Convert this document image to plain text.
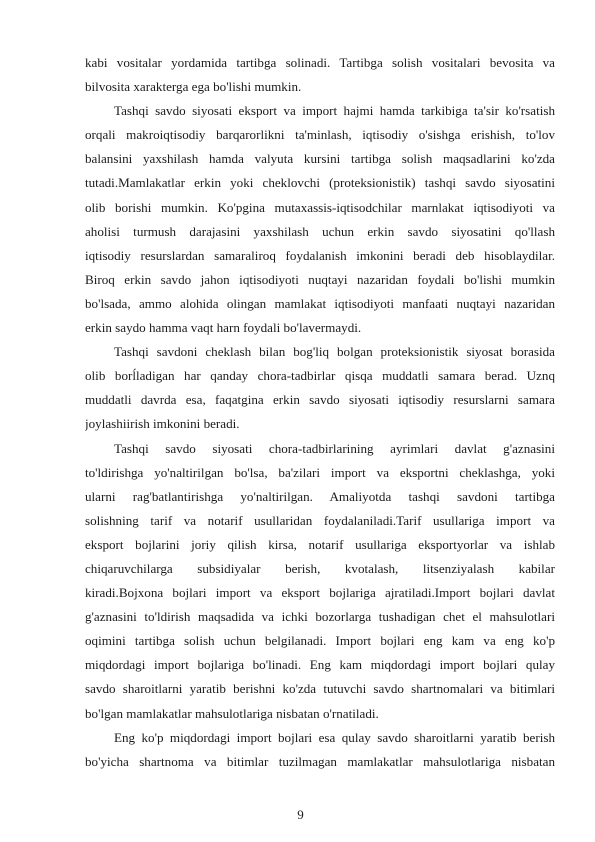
kabi vositalar yordamida tartibga solinadi. Tartibga solish vositalari bevosita va
bilvosita xarakterga ega bo'lishi mumkin.
Tashqi savdo siyosati eksport va import hajmi hamda tarkibiga ta'sir ko'rsatish
orqali makroiqtisodiy barqarorlikni ta'minlash, iqtisodiy o'sishga erishish, to'lov
balansini yaxshilash hamda valyuta kursini tartibga solish maqsadlarini ko'zda
tutadi.Mamlakatlar erkin yoki cheklovchi (proteksionistik) tashqi savdo siyosatini
olib borishi mumkin. Ko'pgina mutaxassis-iqtisodchilar marnlakat iqtisodiyoti va
aholisi turmush darajasini yaxshilash uchun erkin savdo siyosatini qo'llash
iqtisodiy resurslardan samaraliroq foydalanish imkonini beradi deb hisoblaydilar.
Biroq erkin savdo jahon iqtisodiyoti nuqtayi nazaridan foydali bo'lishi mumkin
bo'lsada, ammo alohida olingan mamlakat iqtisodiyoti manfaati nuqtayi nazaridan
erkin saydo hamma vaqt harn foydali bo'lavermaydi.
Tashqi savdoni cheklash bilan bog'liq bolgan proteksionistik siyosat borasida
olib borĺladigan har qanday chora-tadbirlar qisqa muddatli samara berad. Uznq
muddatli davrda esa, faqatgina erkin savdo siyosati iqtisodiy resurslarni samara
joylashiirish imkonini beradi.
Tashqi savdo siyosati chora-tadbirlarining ayrimlari davlat g'aznasini
to'ldirishga yo'naltirilgan bo'lsa, ba'zilari import va eksportni cheklashga, yoki
ularni rag'batlantirishga yo'naltirilgan. Amaliyotda tashqi savdoni tartibga
solishning tarif va notarif usullaridan foydalaniladi.Tarif usullariga import va
eksport bojlarini joriy qilish kirsa, notarif usullariga eksportyorlar va ishlab
chiqaruvchilarga subsidiyalar berish, kvotalash, litsenziyalash kabilar
kiradi.Bojxona bojlari import va eksport bojlariga ajratiladi.Import bojlari davlat
g'aznasini to'ldirish maqsadida va ichki bozorlarga tushadigan chet el mahsulotlari
oqimini tartibga solish uchun belgilanadi. Import bojlari eng kam va eng ko'p
miqdordagi import bojlariga bo'linadi. Eng kam miqdordagi import bojlari qulay
savdo sharoitlarni yaratib berishni ko'zda tutuvchi savdo shartnomalari va bitimlari
bo'lgan mamlakatlar mahsulotlariga nisbatan o'rnatiladi.
Eng ko'p miqdordagi import bojlari esa qulay savdo sharoitlarni yaratib berish
bo'yicha shartnoma va bitimlar tuzilmagan mamlakatlar mahsulotlariga nisbatan
9
